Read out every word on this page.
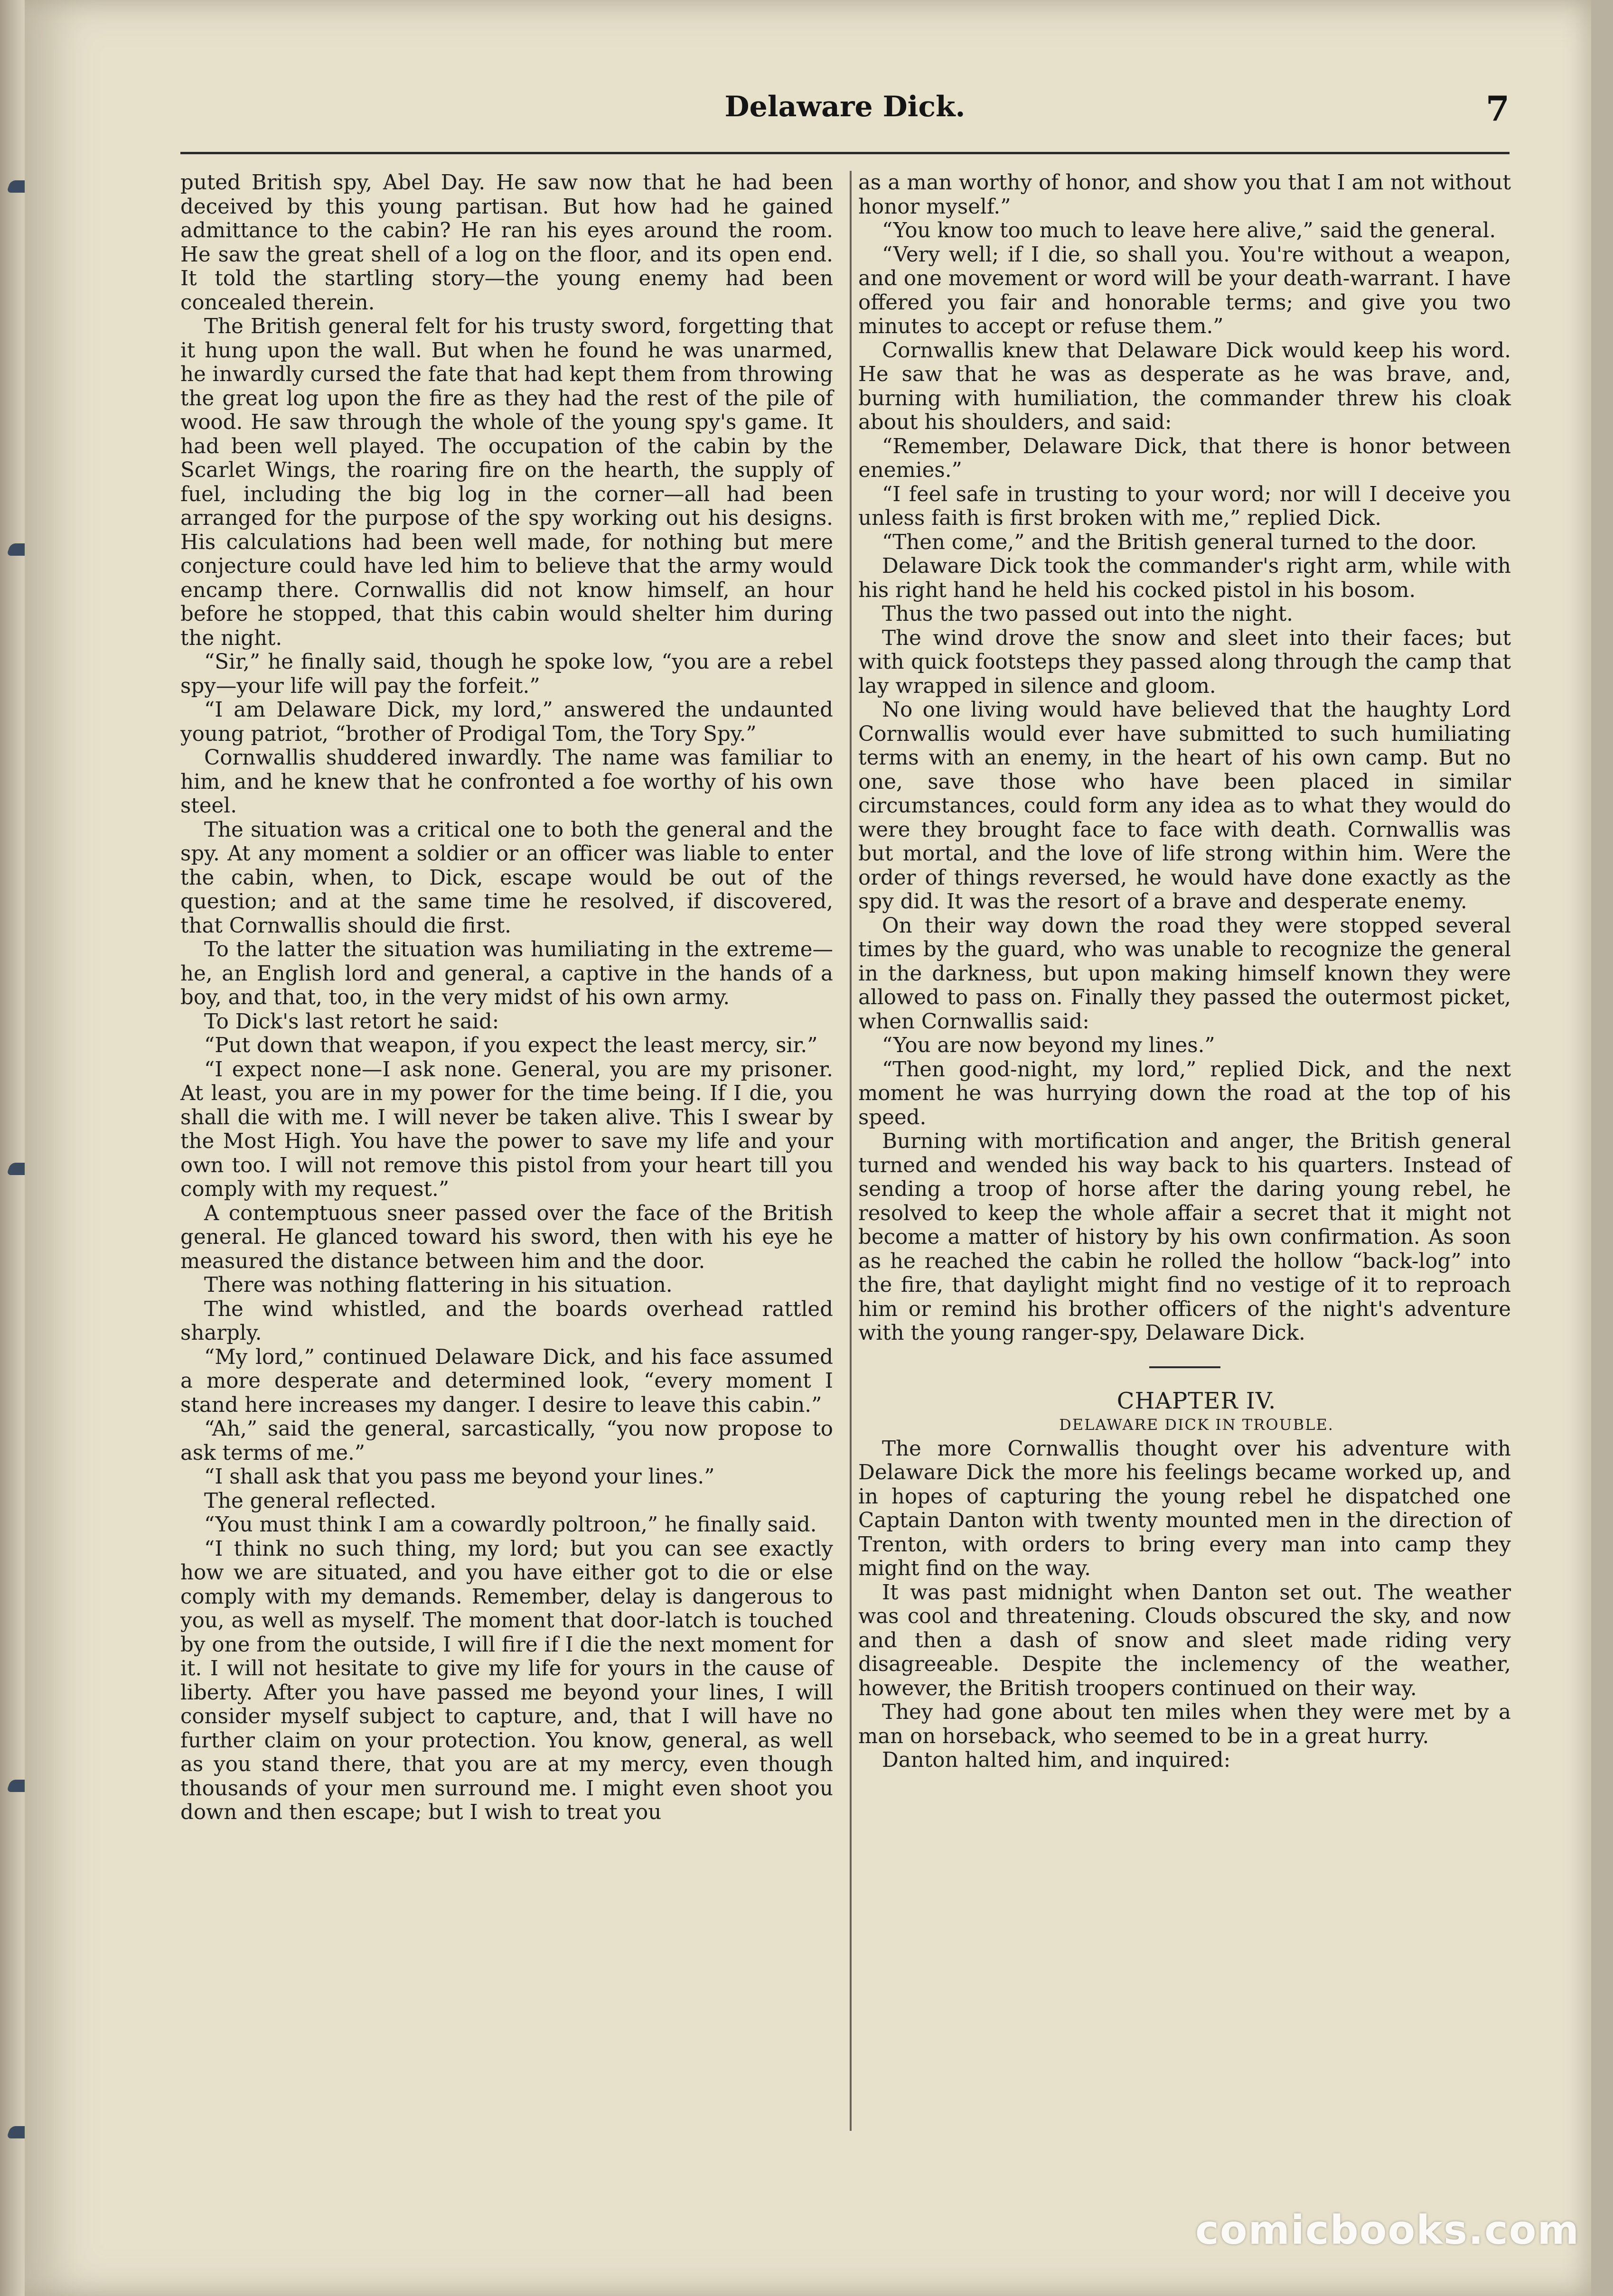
Delaware Dick.	7

puted British spy, Abel Day. He saw now that he had been deceived by this young partisan. But how had he gained admittance to the cabin? He ran his eyes around the room. He saw the great shell of a log on the floor, and its open end. It told the startling story—the young enemy had been concealed therein.

The British general felt for his trusty sword, forgetting that it hung upon the wall. But when he found he was unarmed, he inwardly cursed the fate that had kept them from throwing the great log upon the fire as they had the rest of the pile of wood. He saw through the whole of the young spy's game. It had been well played. The occupation of the cabin by the Scarlet Wings, the roaring fire on the hearth, the supply of fuel, including the big log in the corner—all had been arranged for the purpose of the spy working out his designs. His calculations had been well made, for nothing but mere conjecture could have led him to believe that the army would encamp there. Cornwallis did not know himself, an hour before he stopped, that this cabin would shelter him during the night.

“Sir,” he finally said, though he spoke low, “you are a rebel spy—your life will pay the forfeit.”

“I am Delaware Dick, my lord,” answered the undaunted young patriot, “brother of Prodigal Tom, the Tory Spy.”

Cornwallis shuddered inwardly. The name was familiar to him, and he knew that he confronted a foe worthy of his own steel.

The situation was a critical one to both the general and the spy. At any moment a soldier or an officer was liable to enter the cabin, when, to Dick, escape would be out of the question; and at the same time he resolved, if discovered, that Cornwallis should die first.

To the latter the situation was humiliating in the extreme—he, an English lord and general, a captive in the hands of a boy, and that, too, in the very midst of his own army.

To Dick's last retort he said:

“Put down that weapon, if you expect the least mercy, sir.”

“I expect none—I ask none. General, you are my prisoner. At least, you are in my power for the time being. If I die, you shall die with me. I will never be taken alive. This I swear by the Most High. You have the power to save my life and your own too. I will not remove this pistol from your heart till you comply with my request.”

A contemptuous sneer passed over the face of the British general. He glanced toward his sword, then with his eye he measured the distance between him and the door.

There was nothing flattering in his situation.

The wind whistled, and the boards overhead rattled sharply.

“My lord,” continued Delaware Dick, and his face assumed a more desperate and determined look, “every moment I stand here increases my danger. I desire to leave this cabin.”

“Ah,” said the general, sarcastically, “you now propose to ask terms of me.”

“I shall ask that you pass me beyond your lines.”

The general reflected.

“You must think I am a cowardly poltroon,” he finally said.

“I think no such thing, my lord; but you can see exactly how we are situated, and you have either got to die or else comply with my demands. Remember, delay is dangerous to you, as well as myself. The moment that door-latch is touched by one from the outside, I will fire if I die the next moment for it. I will not hesitate to give my life for yours in the cause of liberty. After you have passed me beyond your lines, I will consider myself subject to capture, and, that I will have no further claim on your protection. You know, general, as well as you stand there, that you are at my mercy, even though thousands of your men surround me. I might even shoot you down and then escape; but I wish to treat you

as a man worthy of honor, and show you that I am not without honor myself.”

“You know too much to leave here alive,” said the general.

“Very well; if I die, so shall you. You're without a weapon, and one movement or word will be your death-warrant. I have offered you fair and honorable terms; and give you two minutes to accept or refuse them.”

Cornwallis knew that Delaware Dick would keep his word. He saw that he was as desperate as he was brave, and, burning with humiliation, the commander threw his cloak about his shoulders, and said:

“Remember, Delaware Dick, that there is honor between enemies.”

“I feel safe in trusting to your word; nor will I deceive you unless faith is first broken with me,” replied Dick.

“Then come,” and the British general turned to the door.

Delaware Dick took the commander's right arm, while with his right hand he held his cocked pistol in his bosom.

Thus the two passed out into the night.

The wind drove the snow and sleet into their faces; but with quick footsteps they passed along through the camp that lay wrapped in silence and gloom.

No one living would have believed that the haughty Lord Cornwallis would ever have submitted to such humiliating terms with an enemy, in the heart of his own camp. But no one, save those who have been placed in similar circumstances, could form any idea as to what they would do were they brought face to face with death. Cornwallis was but mortal, and the love of life strong within him. Were the order of things reversed, he would have done exactly as the spy did. It was the resort of a brave and desperate enemy.

On their way down the road they were stopped several times by the guard, who was unable to recognize the general in the darkness, but upon making himself known they were allowed to pass on. Finally they passed the outermost picket, when Cornwallis said:

“You are now beyond my lines.”

“Then good-night, my lord,” replied Dick, and the next moment he was hurrying down the road at the top of his speed.

Burning with mortification and anger, the British general turned and wended his way back to his quarters. Instead of sending a troop of horse after the daring young rebel, he resolved to keep the whole affair a secret that it might not become a matter of history by his own confirmation. As soon as he reached the cabin he rolled the hollow “back-log” into the fire, that daylight might find no vestige of it to reproach him or remind his brother officers of the night's adventure with the young ranger-spy, Delaware Dick.

CHAPTER IV.

DELAWARE DICK IN TROUBLE.

The more Cornwallis thought over his adventure with Delaware Dick the more his feelings became worked up, and in hopes of capturing the young rebel he dispatched one Captain Danton with twenty mounted men in the direction of Trenton, with orders to bring every man into camp they might find on the way.

It was past midnight when Danton set out. The weather was cool and threatening. Clouds obscured the sky, and now and then a dash of snow and sleet made riding very disagreeable. Despite the inclemency of the weather, however, the British troopers continued on their way.

They had gone about ten miles when they were met by a man on horseback, who seemed to be in a great hurry.

Danton halted him, and inquired:

comicbooks.com
